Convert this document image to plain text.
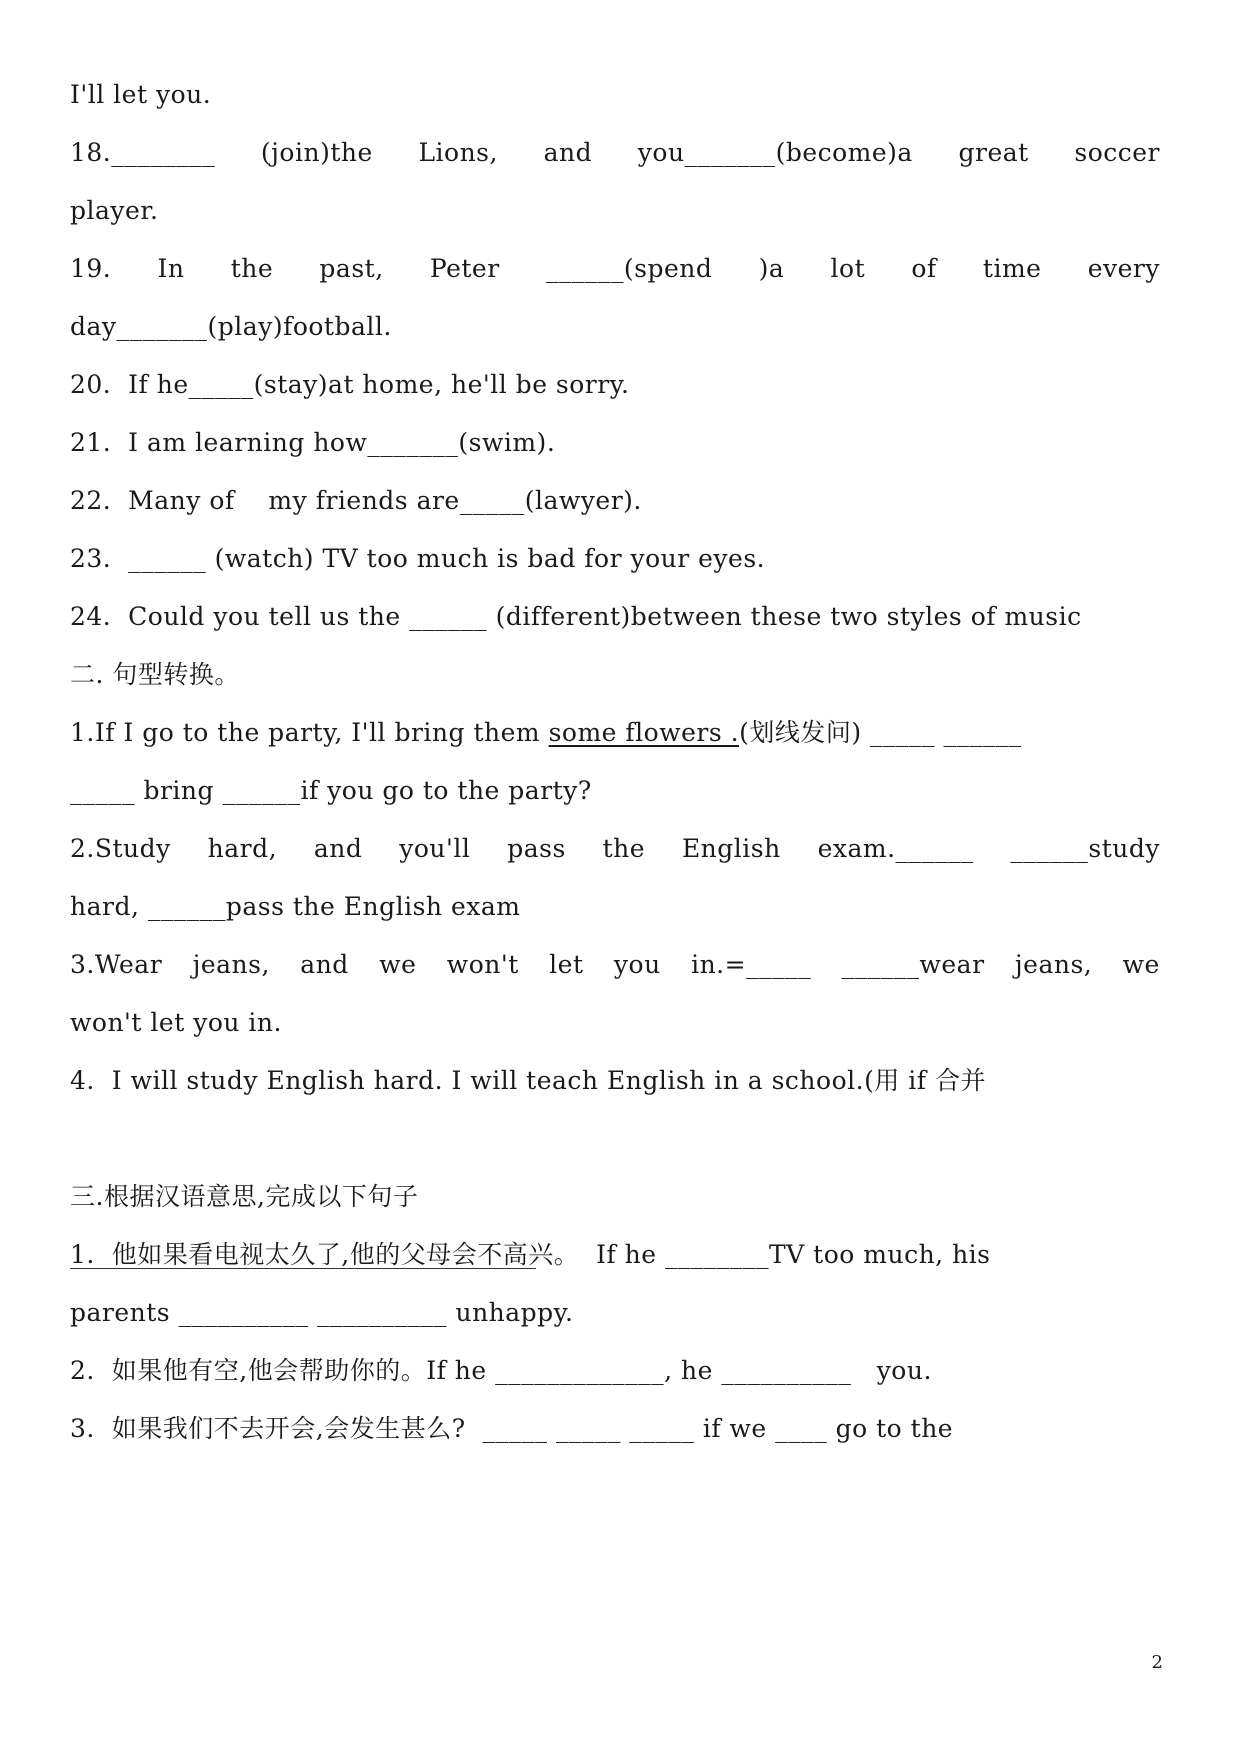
I'll let you.
18.________ (join)the Lions, and you_______(become)a great soccer
player.
19. In the past, Peter ______(spend )a lot of time every
day_______(play)football.
20.  If he_____(stay)at home, he'll be sorry.
21.  I am learning how_______(swim).
22.  Many of    my friends are_____(lawyer).
23.  ______ (watch) TV too much is bad for your eyes.
24.  Could you tell us the ______ (different)between these two styles of music
二. 句型转换。
1.If I go to the party, I'll bring them some flowers .(划线发问) _____ ______
_____ bring ______if you go to the party?
2.Study hard, and you'll pass the English exam.______ ______study
hard, ______pass the English exam
3.Wear jeans, and we won't let you in.=_____ ______wear jeans, we
won't let you in.
4.  I will study English hard. I will teach English in a school.(用 if 合并
三.根据汉语意思,完成以下句子
1.  他如果看电视太久了,他的父母会不高兴。  If he ________TV too much, his
parents __________ __________ unhappy.
2.  如果他有空,他会帮助你的。If he _____________, he __________   you.
3.  如果我们不去开会,会发生甚么?  _____ _____ _____ if we ____ go to the
2
